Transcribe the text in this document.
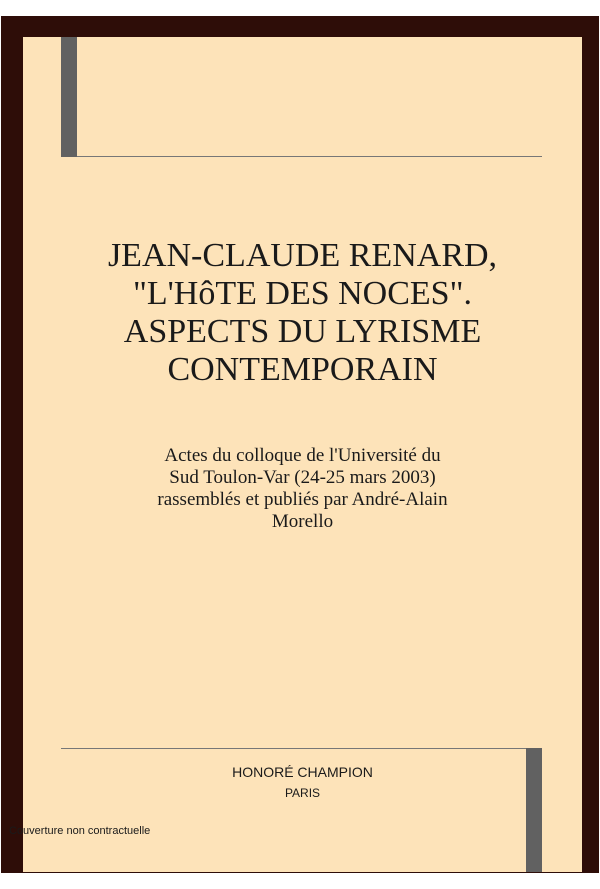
JEAN-CLAUDE RENARD,
"L'HôTE DES NOCES".
ASPECTS DU LYRISME
CONTEMPORAIN
Actes du colloque de l'Université du
Sud Toulon-Var (24-25 mars 2003)
rassemblés et publiés par André-Alain
Morello
HONORÉ CHAMPION
PARIS
Couverture non contractuelle
